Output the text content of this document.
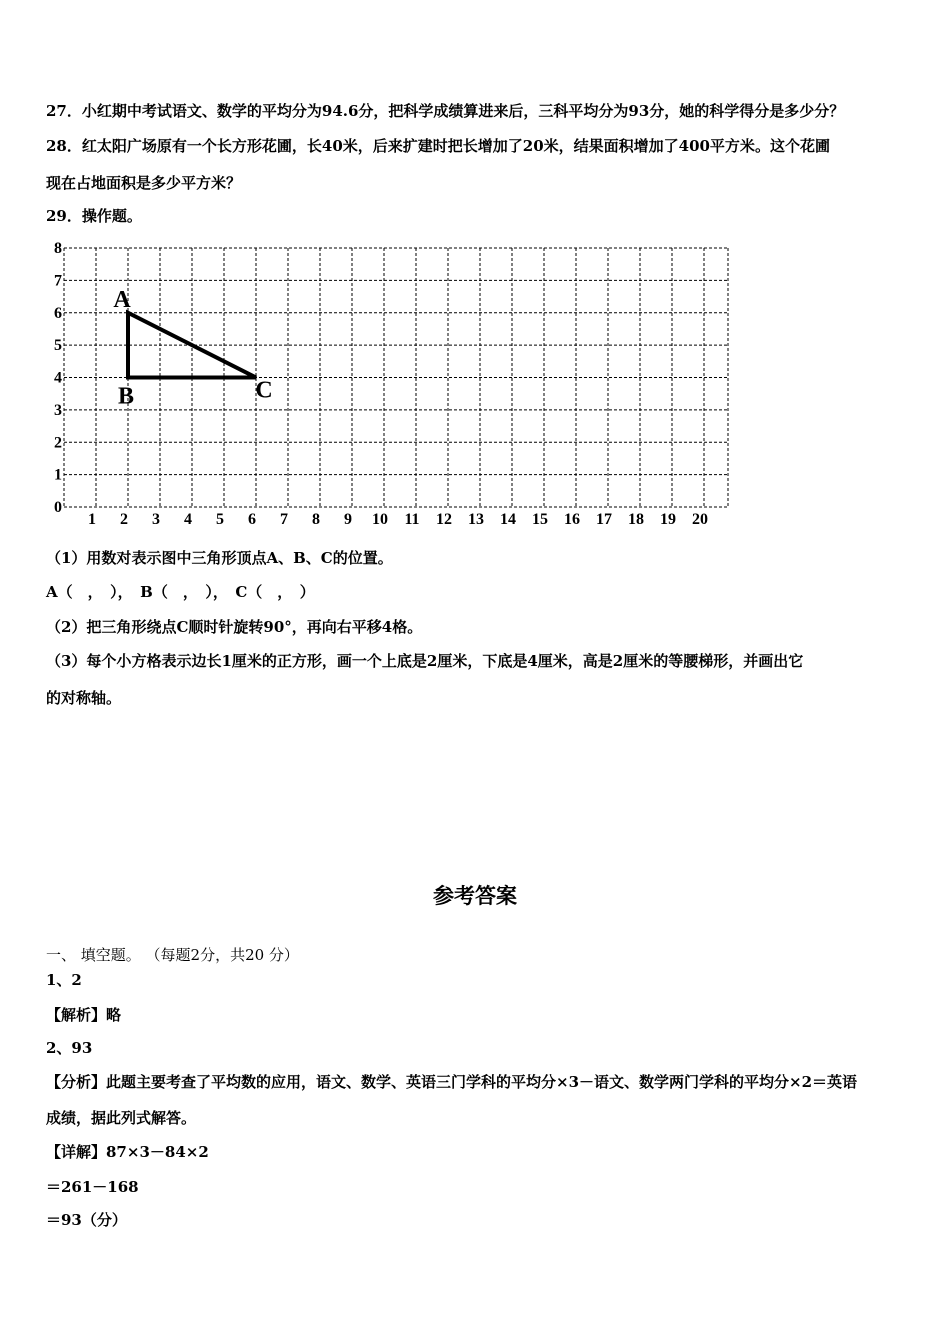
27．小红期中考试语文、数学的平均分为94.6分，把科学成绩算进来后，三科平均分为93分，她的科学得分是多少分？
28．红太阳广场原有一个长方形花圃，长40米，后来扩建时把长增加了20米，结果面积增加了400平方米。这个花圃
现在占地面积是多少平方米？
29．操作题。
1 2 3 4 5 6 7 8 9 10 11 12 13 14 15 16 17 18 19 20
0
1
2
3
4
5
6
7
8
A
B	C
（1）用数对表示图中三角形顶点A、B、C的位置。
A（　，　），　B（　，　），　C（　，　）
（2）把三角形绕点C顺时针旋转90°，再向右平移4格。
（3）每个小方格表示边长1厘米的正方形，画一个上底是2厘米，下底是4厘米，高是2厘米的等腰梯形，并画出它
的对称轴。
参考答案
一、 填空题。 （每题2分，共20 分）
1、2
【解析】略
2、93
【分析】此题主要考查了平均数的应用，语文、数学、英语三门学科的平均分×3－语文、数学两门学科的平均分×2＝英语
成绩，据此列式解答。
【详解】87×3－84×2
＝261－168
＝93（分）
